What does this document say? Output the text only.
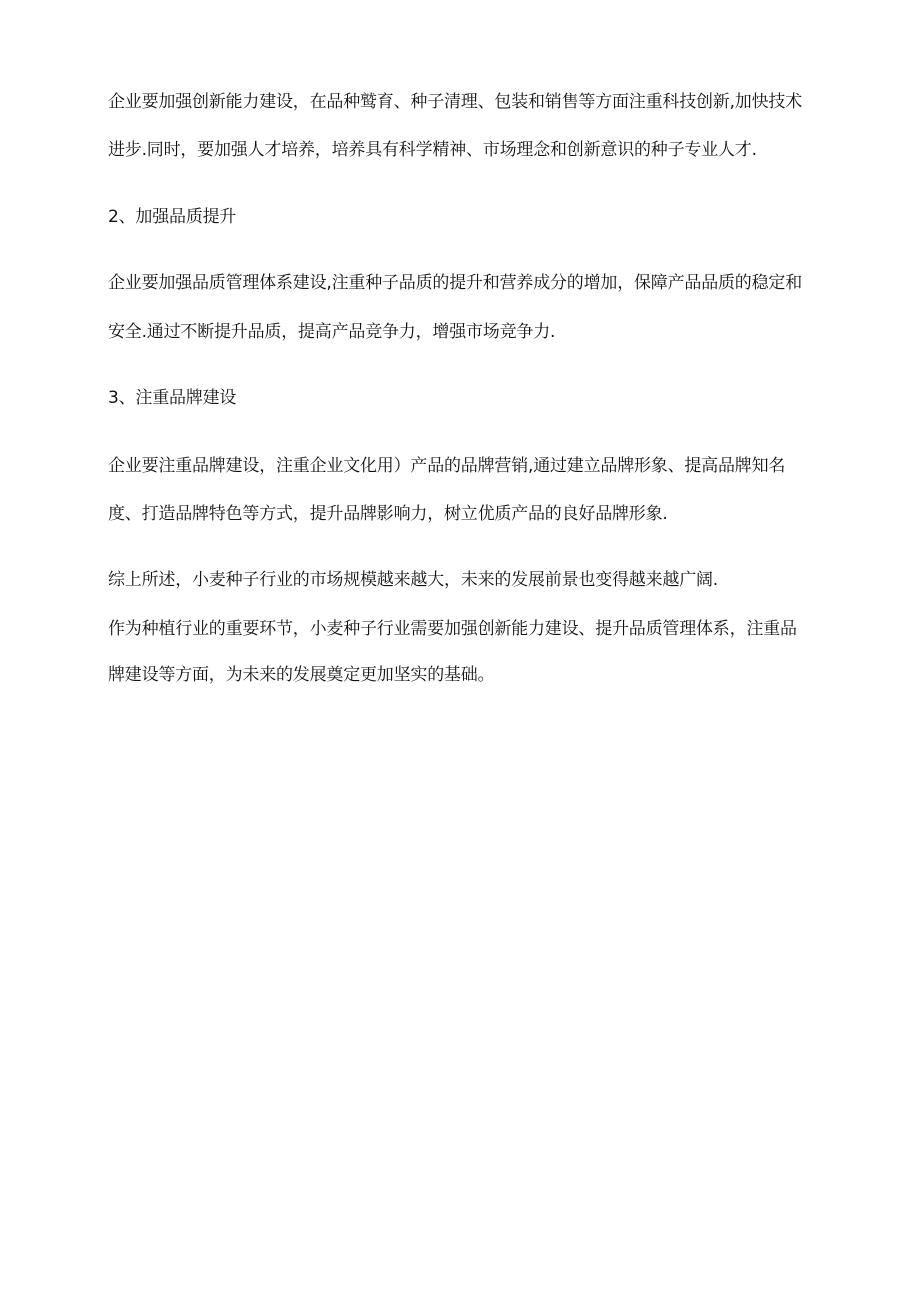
企业要加强创新能力建设，在品种鹫育、种子清理、包装和销售等方面注重科技创新,加快技术
进步.同时，要加强人才培养，培养具有科学精神、市场理念和创新意识的种子专业人才.
2、加强品质提升
企业要加强品质管理体系建设,注重种子品质的提升和营养成分的增加，保障产品品质的稳定和
安全.通过不断提升品质，提高产品竞争力，增强市场竞争力.
3、注重品牌建设
企业要注重品牌建设，注重企业文化用）产品的品牌营销,通过建立品牌形象、提高品牌知名
度、打造品牌特色等方式，提升品牌影响力，树立优质产品的良好品牌形象.
综上所述，小麦种子行业的市场规模越来越大，未来的发展前景也变得越来越广阔.
作为种植行业的重要环节，小麦种子行业需要加强创新能力建设、提升品质管理体系，注重品
牌建设等方面，为未来的发展奠定更加坚实的基础。
